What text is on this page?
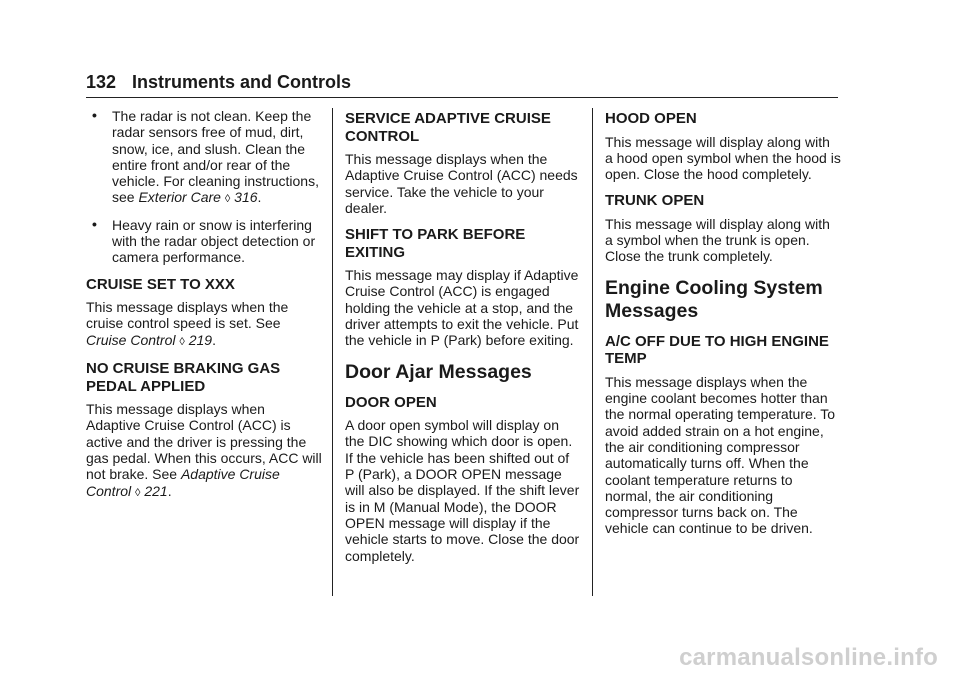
132 Instruments and Controls
• The radar is not clean. Keep the radar sensors free of mud, dirt, snow, ice, and slush. Clean the entire front and/or rear of the vehicle. For cleaning instructions, see Exterior Care ◊ 316.
• Heavy rain or snow is interfering with the radar object detection or camera performance.
CRUISE SET TO XXX

This message displays when the cruise control speed is set. See Cruise Control ◊ 219.

NO CRUISE BRAKING GAS PEDAL APPLIED

This message displays when Adaptive Cruise Control (ACC) is active and the driver is pressing the gas pedal. When this occurs, ACC will not brake. See Adaptive Cruise Control ◊ 221.

SERVICE ADAPTIVE CRUISE CONTROL

This message displays when the Adaptive Cruise Control (ACC) needs service. Take the vehicle to your dealer.

SHIFT TO PARK BEFORE EXITING

This message may display if Adaptive Cruise Control (ACC) is engaged holding the vehicle at a stop, and the driver attempts to exit the vehicle. Put the vehicle in P (Park) before exiting.

Door Ajar Messages
DOOR OPEN

A door open symbol will display on the DIC showing which door is open. If the vehicle has been shifted out of P (Park), a DOOR OPEN message will also be displayed. If the shift lever is in M (Manual Mode), the DOOR OPEN message will display if the vehicle starts to move. Close the door completely.

HOOD OPEN

This message will display along with a hood open symbol when the hood is open. Close the hood completely.

TRUNK OPEN

This message will display along with a symbol when the trunk is open. Close the trunk completely.

Engine Cooling System Messages
A/C OFF DUE TO HIGH ENGINE TEMP

This message displays when the engine coolant becomes hotter than the normal operating temperature. To avoid added strain on a hot engine, the air conditioning compressor automatically turns off. When the coolant temperature returns to normal, the air conditioning compressor turns back on. The vehicle can continue to be driven.

carmanualsonline.info
